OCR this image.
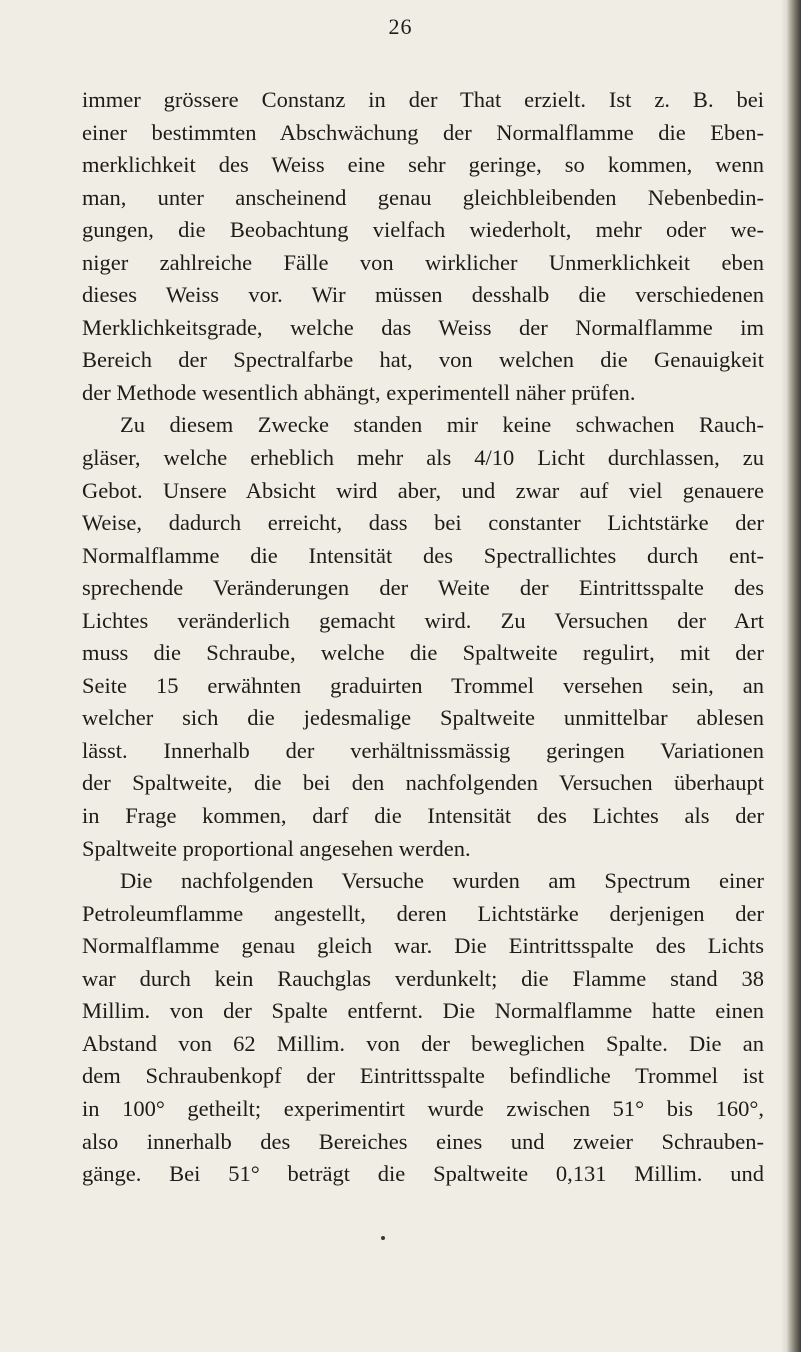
26
immer grössere Constanz in der That erzielt. Ist z. B. bei
einer bestimmten Abschwächung der Normalflamme die Eben-
merklichkeit des Weiss eine sehr geringe, so kommen, wenn
man, unter anscheinend genau gleichbleibenden Nebenbedin-
gungen, die Beobachtung vielfach wiederholt, mehr oder we-
niger zahlreiche Fälle von wirklicher Unmerklichkeit eben
dieses Weiss vor. Wir müssen desshalb die verschiedenen
Merklichkeitsgrade, welche das Weiss der Normalflamme im
Bereich der Spectralfarbe hat, von welchen die Genauigkeit
der Methode wesentlich abhängt, experimentell näher prüfen.
Zu diesem Zwecke standen mir keine schwachen Rauch-
gläser, welche erheblich mehr als 4/10 Licht durchlassen, zu
Gebot. Unsere Absicht wird aber, und zwar auf viel genauere
Weise, dadurch erreicht, dass bei constanter Lichtstärke der
Normalflamme die Intensität des Spectrallichtes durch ent-
sprechende Veränderungen der Weite der Eintrittsspalte des
Lichtes veränderlich gemacht wird. Zu Versuchen der Art
muss die Schraube, welche die Spaltweite regulirt, mit der
Seite 15 erwähnten graduirten Trommel versehen sein, an
welcher sich die jedesmalige Spaltweite unmittelbar ablesen
lässt. Innerhalb der verhältnissmässig geringen Variationen
der Spaltweite, die bei den nachfolgenden Versuchen überhaupt
in Frage kommen, darf die Intensität des Lichtes als der
Spaltweite proportional angesehen werden.
Die nachfolgenden Versuche wurden am Spectrum einer
Petroleumflamme angestellt, deren Lichtstärke derjenigen der
Normalflamme genau gleich war. Die Eintrittsspalte des Lichts
war durch kein Rauchglas verdunkelt; die Flamme stand 38
Millim. von der Spalte entfernt. Die Normalflamme hatte einen
Abstand von 62 Millim. von der beweglichen Spalte. Die an
dem Schraubenkopf der Eintrittsspalte befindliche Trommel ist
in 100° getheilt; experimentirt wurde zwischen 51° bis 160°,
also innerhalb des Bereiches eines und zweier Schrauben-
gänge. Bei 51° beträgt die Spaltweite 0,131 Millim. und
